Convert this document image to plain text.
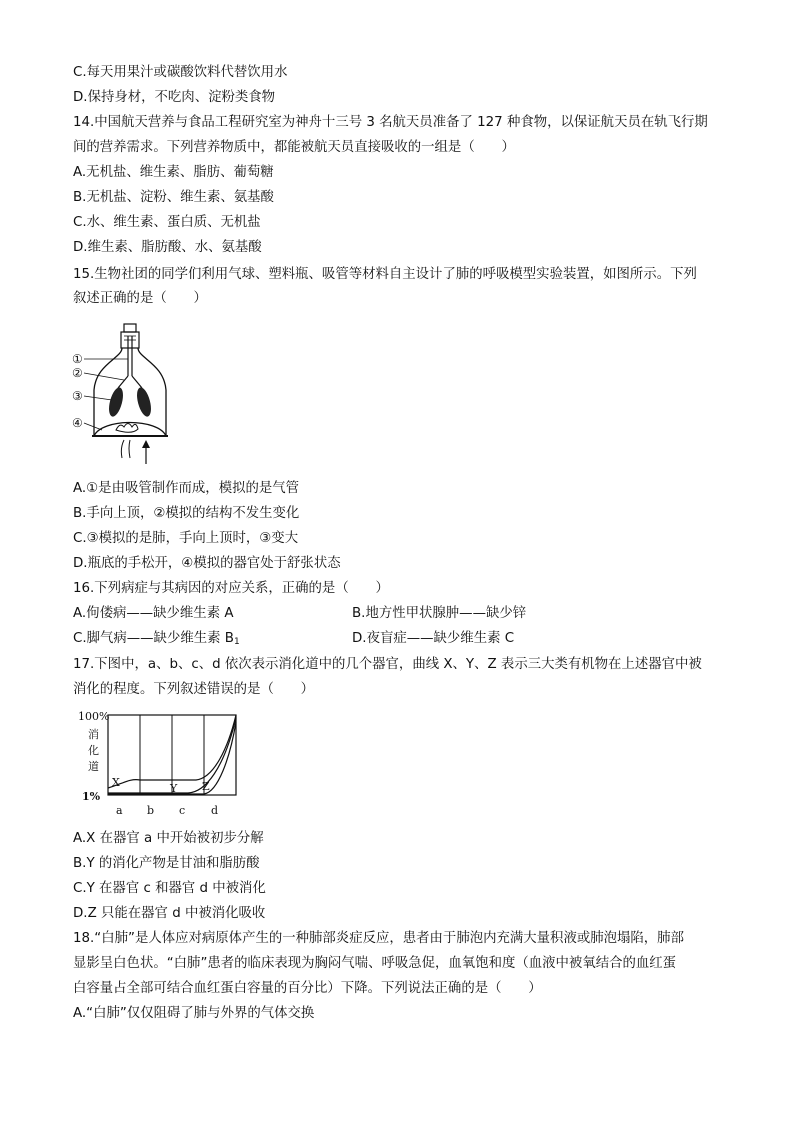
C.每天用果汁或碳酸饮料代替饮用水
D.保持身材，不吃肉、淀粉类食物
14.中国航天营养与食品工程研究室为神舟十三号 3 名航天员准备了 127 种食物，以保证航天员在轨飞行期
间的营养需求。下列营养物质中，都能被航天员直接吸收的一组是（　　）
A.无机盐、维生素、脂肪、葡萄糖
B.无机盐、淀粉、维生素、氨基酸
C.水、维生素、蛋白质、无机盐
D.维生素、脂肪酸、水、氨基酸
15.生物社团的同学们利用气球、塑料瓶、吸管等材料自主设计了肺的呼吸模型实验装置，如图所示。下列
叙述正确的是（　　）
①
②
③
④
A.①是由吸管制作而成，模拟的是气管
B.手向上顶，②模拟的结构不发生变化
C.③模拟的是肺，手向上顶时，③变大
D.瓶底的手松开，④模拟的器官处于舒张状态
16.下列病症与其病因的对应关系，正确的是（　　）
A.佝偻病——缺少维生素 A	B.地方性甲状腺肿——缺少锌
C.脚气病——缺少维生素 $B_1$	D.夜盲症——缺少维生素 C
17.下图中，a、b、c、d 依次表示消化道中的几个器官，曲线 X、Y、Z 表示三大类有机物在上述器官中被
消化的程度。下列叙述错误的是（　　）
100%
消
化
道
1%
X	Y Z
a b c d
A.X 在器官 a 中开始被初步分解
B.Y 的消化产物是甘油和脂肪酸
C.Y 在器官 c 和器官 d 中被消化
D.Z 只能在器官 d 中被消化吸收
18.“白肺”是人体应对病原体产生的一种肺部炎症反应，患者由于肺泡内充满大量积液或肺泡塌陷，肺部
显影呈白色状。“白肺”患者的临床表现为胸闷气喘、呼吸急促，血氧饱和度（血液中被氧结合的血红蛋
白容量占全部可结合血红蛋白容量的百分比）下降。下列说法正确的是（　　）
A.“白肺”仅仅阻碍了肺与外界的气体交换
